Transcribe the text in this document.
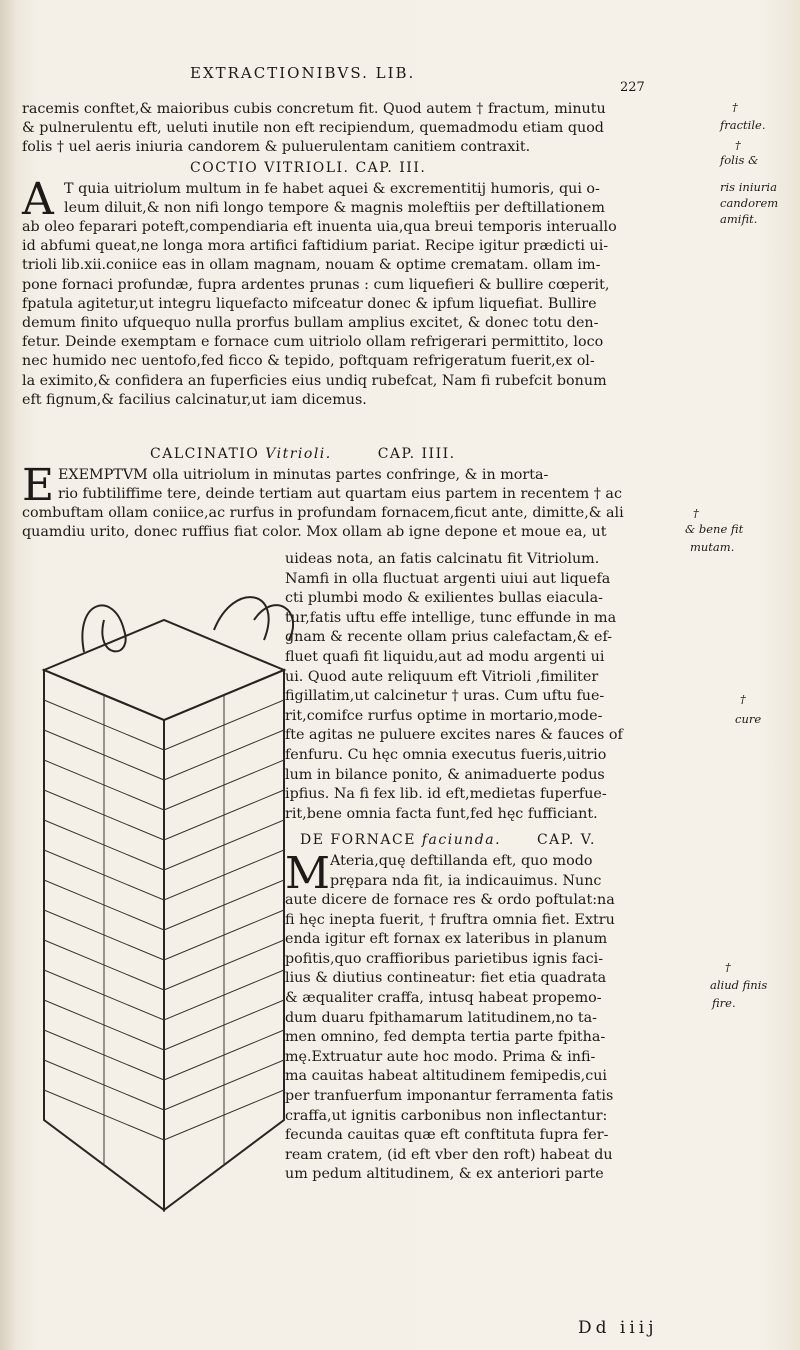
EXTRACTIONIBVS. LIB.
227
racemis conftet,& maioribus cubis concretum fit. Quod autem † fractum, minutu
& pulnerulentu eft, ueluti inutile non eft recipiendum, quemadmodu etiam quod
folis † uel aeris iniuria candorem & puluerulentam canitiem contraxit.
COCTIO VITRIOLI. CAP. III.
A T quia uitriolum multum in fe habet aquei & excrementitij humoris, qui o-
leum diluit,& non nifi longo tempore & magnis moleftiis per deftillationem
ab oleo feparari poteft,compendiaria eft inuenta uia,qua breui temporis interuallo
id abfumi queat,ne longa mora artifici faftidium pariat. Recipe igitur prædicti ui-
trioli lib.xii.coniice eas in ollam magnam, nouam & optime crematam. ollam im-
pone fornaci profundæ, fupra ardentes prunas : cum liquefieri & bullire cœperit,
fpatula agitetur,ut integru liquefacto mifceatur donec & ipfum liquefiat. Bullire
demum finito ufquequo nulla prorfus bullam amplius excitet, & donec totu den-
fetur. Deinde exemptam e fornace cum uitriolo ollam refrigerari permittito, loco
nec humido nec uentofo,fed ficco & tepido, poftquam refrigeratum fuerit,ex ol-
la eximito,& confidera an fuperficies eius undiq rubefcat, Nam fi rubefcit bonum
eft fignum,& facilius calcinatur,ut iam dicemus.
CALCINATIO Vitrioli.	CAP. IIII.
E EXEMPTVM olla uitriolum in minutas partes confringe, & in morta-
rio fubtiliffime tere, deinde tertiam aut quartam eius partem in recentem † ac
combuftam ollam coniice,ac rurfus in profundam fornacem,ficut ante, dimitte,& ali
quamdiu urito, donec ruffius fiat color. Mox ollam ab igne depone et moue ea, ut
uideas nota, an fatis calcinatu fit Vitriolum.
Namfi in olla fluctuat argenti uiui aut liquefa
cti plumbi modo & exilientes bullas eiacula-
tur,fatis uftu effe intellige, tunc effunde in ma
gnam & recente ollam prius calefactam,& ef-
fluet quafi fit liquidu,aut ad modu argenti ui
ui. Quod aute reliquum eft Vitrioli ,fimiliter
figillatim,ut calcinetur † uras. Cum uftu fue-
rit,comifce rurfus optime in mortario,mode-
fte agitas ne puluere excites nares & fauces of
fenfuru. Cu hęc omnia executus fueris,uitrio
lum in bilance ponito, & animaduerte podus
ipfius. Na fi fex lib. id eft,medietas fuperfue-
rit,bene omnia facta funt,fed hęc fufficiant.
DE FORNACE faciunda.	CAP. V.
M Ateria,quę deftillanda eft, quo modo
prępara nda fit, ia indicauimus. Nunc
aute dicere de fornace res & ordo poftulat:na
fi hęc inepta fuerit, † fruftra omnia fiet. Extru
enda igitur eft fornax ex lateribus in planum
pofitis,quo craffioribus parietibus ignis faci-
lius & diutius contineatur: fiet etia quadrata
& æqualiter craffa, intusq habeat propemo-
dum duaru fpithamarum latitudinem,no ta-
men omnino, fed dempta tertia parte fpitha-
mę.Extruatur aute hoc modo. Prima & infi-
ma cauitas habeat altitudinem femipedis,cui
per tranfuerfum imponantur ferramenta fatis
craffa,ut ignitis carbonibus non inflectantur:
fecunda cauitas quæ eft conftituta fupra fer-
ream cratem, (id eft vber den roft) habeat du
um pedum altitudinem, & ex anteriori parte
†
fractile.
†
folis &
ris iniuria
candorem
amifit.
†
& bene fit
mutam.
†
cure
†
aliud finis
fire.
Dd iiij
